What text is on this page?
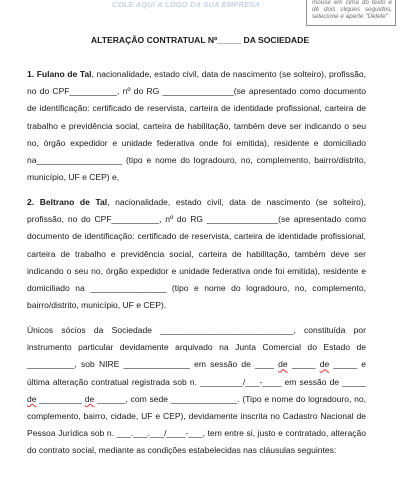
COLE AQUI A LOGO DA SUA EMPRESA	mouse em cima do texto e dê dois cliques seguidos, selecione e aperte "Delete"

ALTERAÇÃO CONTRATUAL Nº_____ DA SOCIEDADE

1. Fulano de Tal, nacionalidade, estado civil, data de nascimento (se solteiro), profissão, no do CPF__________, nº do RG _______________(se apresentado como documento de identificação: certificado de reservista, carteira de identidade profissional, carteira de trabalho e previdência social, carteira de habilitação, também deve ser indicando o seu no, órgão expedidor e unidade federativa onde foi emitida), residente e domiciliado na__________________ (tipo e nome do logradouro, no, complemento, bairro/distrito, município, UF e CEP) e,

2. Beltrano de Tal, nacionalidade, estado civil, data de nascimento (se solteiro), profissão, no do CPF__________, nº do RG _______________(se apresentado como documento de identificação: certificado de reservista, carteira de identidade profissional, carteira de trabalho e previdência social, carteira de habilitação, também deve ser indicando o seu no, órgão expedidor e unidade federativa onde foi emitida), residente e domiciliado na ________________ (tipo e nome do logradouro, no, complemento, bairro/distrito, município, UF e CEP).

Únicos sócios da Sociedade ____________________________, constituída por instrumento particular devidamente arquivado na Junta Comercial do Estado de __________, sob NIRE ______________ em sessão de ____ de _____ de _____ e última alteração contratual registrada sob n. _________/___-____ em sessão de _____ de _________ de ______, com sede ______________. (Tipo e nome do logradouro, no, complemento, bairro, cidade, UF e CEP), devidamente inscrita no Cadastro Nacional de Pessoa Jurídica sob n. ___.___.___/____-___, tem entre si, justo e contratado, alteração do contrato social, mediante as condições estabelecidas nas cláusulas seguintes:
